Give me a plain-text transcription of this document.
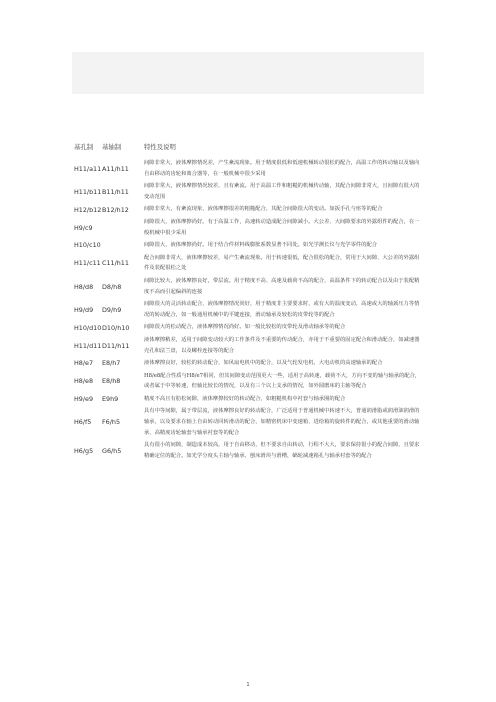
基孔制	基轴制	特性及说明
H11/a11 A11/h11
间隙非常大，液体摩擦情况差，产生紊流现象。用于精度很低和低速机械转动很松的配合，高温工作的转动轴以及轴向自由移动的齿轮和离合器等，在一般机械中很少采用
H11/b11 B11/h11
间隙非常大，液体摩擦情况较差，且有紊流。用于高温工作和粗糙的机械传动轴，其配合间隙非常大，且间隙有很大的变动范围
H12/b12 B12/h12	间隙非常大，有紊流现象，液体摩擦很差的粗糙配合，其配合间隙很大的变动。如扳手孔与座等的配合
H9/c9
间隙很大，液体摩擦尚好。有于高温工作，高速转动造成配合间隙减小。大公差、大间隙要求的外露组件的配合，在一般机械中很少采用
H10/c10	间隙很大，液体摩擦尚好。用于结合件材料线膨胀系数显著不同处。如光学测长仪与光学零件的配合
H11/c11 C11/h11
配合间隙非常大，液体摩擦较差，易产生紊流现象。用于转速很低，配合很松的配合，常用于大间隙、大公差的外露组件及装配很松之处
H8/d8	D8/h8
间隙比较大，液体摩擦良好，带层流。用于精度不高、高速及载荷不高的配合，高温条件下的转动配合以及由于装配精度不高而引起偏斜的连接
H9/d9	D9/h9
间隙很大的灵活转动配合，液体摩擦情况尚好，用于精度非主要要求时，或有大的温度变动，高速或大的轴颈压力等情况的转动配合，如一般通用机械中的平键连接，滑动轴承及较松的皮带轮等的配合
H10/d10 D10/h10	间隙很大的松动配合，液体摩擦情况尚好。如一般比较松的皮带轮及滑动轴承等的配合
H11/d11 D11/h11
液体摩擦稍差，适用于间隙变动较大的工作条件及不重要的传动配合，亦用于不重要的固定配合和滑动配合，如减速器壳孔和法兰盘，以及螺栓连接等的配合
H8/e7	E8/h7	液体摩擦良好，较松的转动配合，如风扇电机中的配合，以及气轮发电机、大电动机的高速轴承的配合
H8/e8	E8/h8
H8/e8配合性质与H8/e7相同，但其间隙变动范围更大一些，适用于高转速，载荷不大，方向不变的轴与轴承的配合，或者属于中等转速，但轴比较长的情况，以及有三个以上支承的情况，如外圆磨床的主轴等配合
H9/e9	E9h9	精度不高且有肋松间隙，液体摩擦较好的转动配合，如粗糙机构中衬套与轴承圈的配合
H6/f5	F6/h5
具有中等间隙，属于带层流，液体摩擦良好的转动配合，广泛适用于普通机械中转速不大，普通润滑脂或润滑油润滑的轴承，以及要求在轴上自由转动回转滑动的配合，如精密机床中变速箱、进给箱的旋转件的配合，或其他重要的滑动轴承，高精度齿轮轴套与轴承衬套等的配合
H6/g5	G6/h5
具有很小的间隙，制造成本较高，用于自由移动，但不要求自由转动，行程不大大，要求保持很小的配合间隙，且要求精确定位的配合。如光学分度头主轴与轴承，刨床滑块与滑槽，蜗轮减速箱孔与轴承衬套等的配合
1
